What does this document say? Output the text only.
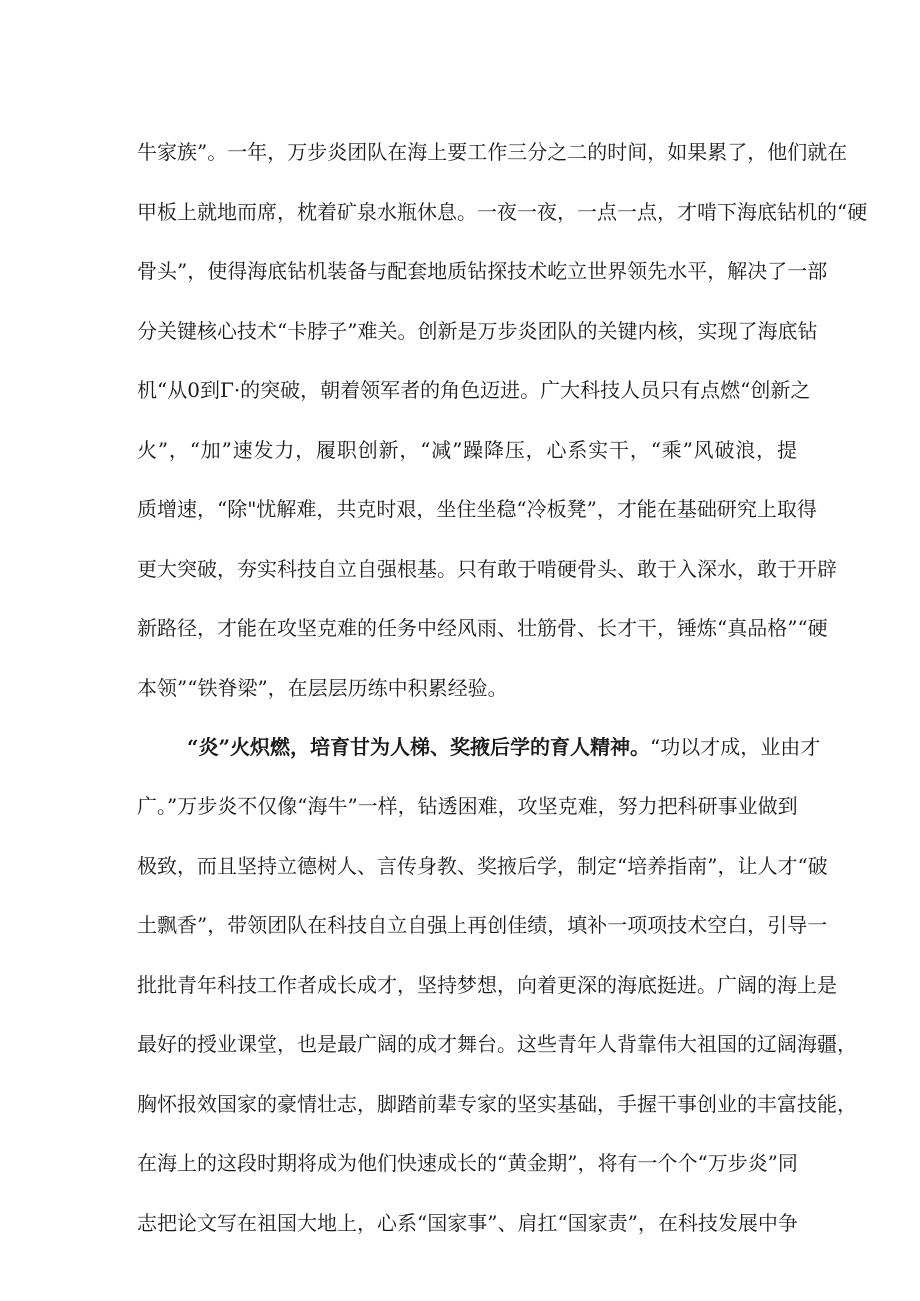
牛家族”。一年，万步炎团队在海上要工作三分之二的时间，如果累了，他们就在
甲板上就地而席，枕着矿泉水瓶休息。一夜一夜，一点一点，才啃下海底钻机的“硬
骨头”，使得海底钻机装备与配套地质钻探技术屹立世界领先水平，解决了一部
分关键核心技术“卡脖子”难关。创新是万步炎团队的关键内核，实现了海底钻
机“从0到Γ·的突破，朝着领军者的角色迈进。广大科技人员只有点燃“创新之
火”，“加”速发力，履职创新，“减”躁降压，心系实干，“乘”风破浪，提
质增速，“除"忧解难，共克时艰，坐住坐稳“冷板凳”，才能在基础研究上取得
更大突破，夯实科技自立自强根基。只有敢于啃硬骨头、敢于入深水，敢于开辟
新路径，才能在攻坚克难的任务中经风雨、壮筋骨、长才干，锤炼“真品格”“硬
本领”“铁脊梁”，在层层历练中积累经验。
“炎”火炽燃，培育甘为人梯、奖掖后学的育人精神。“功以才成，业由才
广。”万步炎不仅像“海牛”一样，钻透困难，攻坚克难，努力把科研事业做到
极致，而且坚持立德树人、言传身教、奖掖后学，制定“培养指南”，让人才“破
土飘香”，带领团队在科技自立自强上再创佳绩，填补一项项技术空白，引导一
批批青年科技工作者成长成才，坚持梦想，向着更深的海底挺进。广阔的海上是
最好的授业课堂，也是最广阔的成才舞台。这些青年人背靠伟大祖国的辽阔海疆，
胸怀报效国家的豪情壮志，脚踏前辈专家的坚实基础，手握干事创业的丰富技能，
在海上的这段时期将成为他们快速成长的“黄金期”，将有一个个“万步炎”同
志把论文写在祖国大地上，心系“国家事”、肩扛“国家责”，在科技发展中争
